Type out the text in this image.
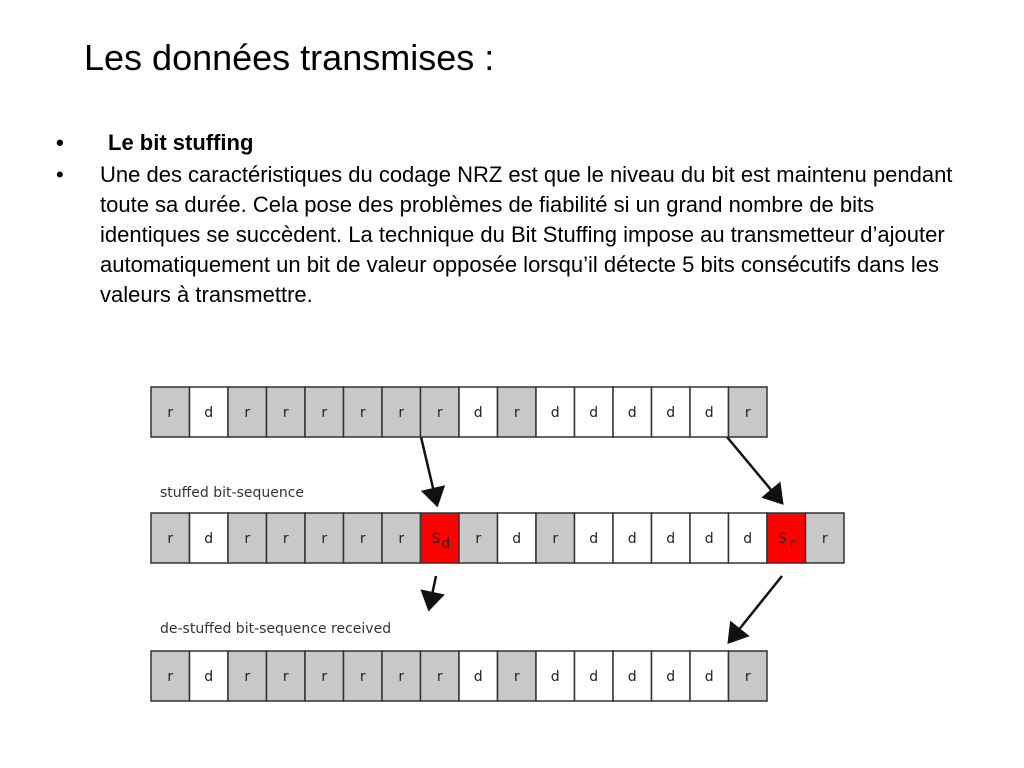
Les données transmises :
• Le bit stuffing
• Une des caractéristiques du codage NRZ est que le niveau du bit est maintenu pendant toute sa durée. Cela pose des problèmes de fiabilité si un grand nombre de bits identiques se succèdent. La technique du Bit Stuffing impose au transmetteur d’ajouter automatiquement un bit de valeur opposée lorsqu’il détecte 5 bits consécutifs dans les valeurs à transmettre.
stuffed bit-sequence
de-stuffed bit-sequence received
r d r r r r r r d r d d d d d r
r d r r r r r S d r d r d d d d d S r r
r d r r r r r r d r d d d d d r
